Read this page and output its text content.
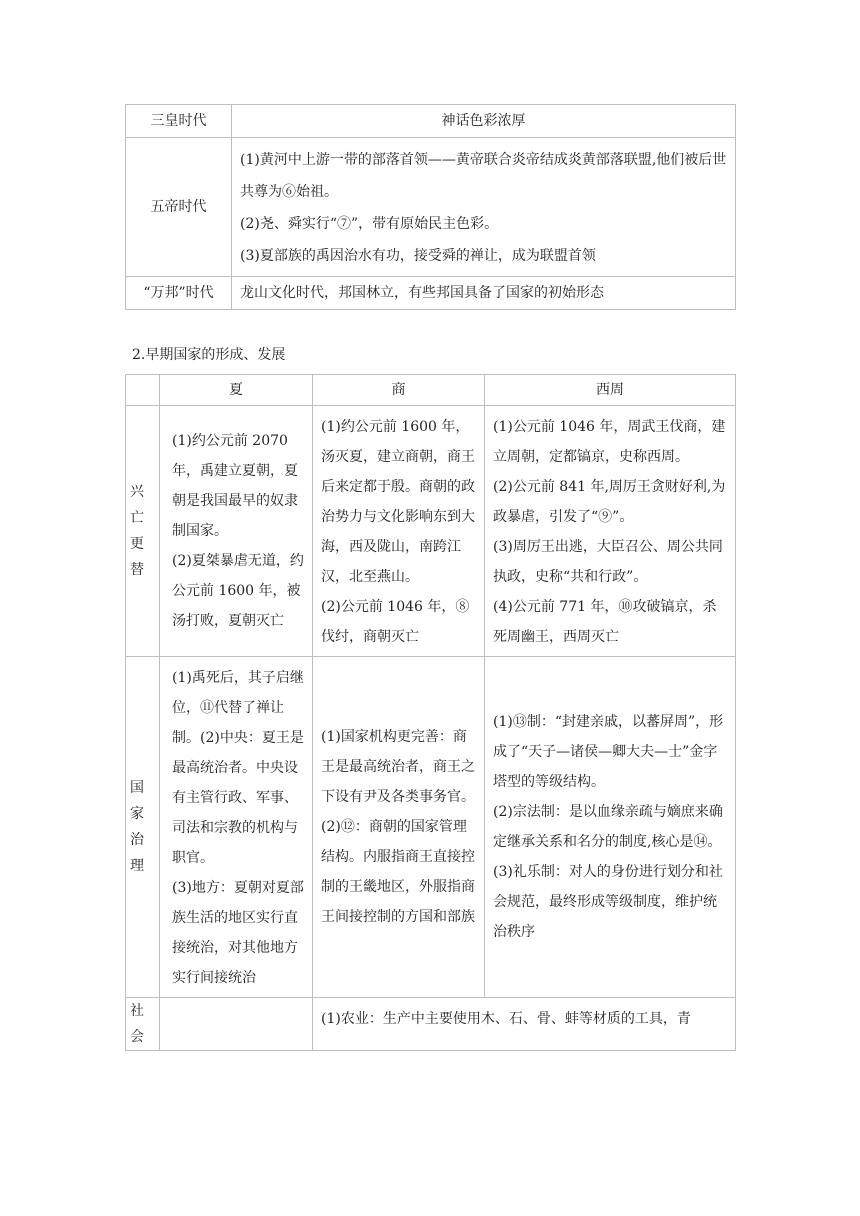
三皇时代	神话色彩浓厚
五帝时代	(1)黄河中上游一带的部落首领——黄帝联合炎帝结成炎黄部落联盟,他们被后世共尊为⑥始祖。
(2)尧、舜实行“⑦”，带有原始民主色彩。
(3)夏部族的禹因治水有功，接受舜的禅让，成为联盟首领

“万邦”时代	龙山文化时代，邦国林立，有些邦国具备了国家的初始形态
2.早期国家的形成、发展
	夏	商	西周
兴亡更替	(1)约公元前 2070 年，禹建立夏朝，夏朝是我国最早的奴隶制国家。
(2)夏桀暴虐无道，约公元前 1600 年，被汤打败，夏朝灭亡	(1)约公元前 1600 年，汤灭夏，建立商朝，商王后来定都于殷。商朝的政治势力与文化影响东到大海，西及陇山，南跨江汉，北至燕山。
(2)公元前 1046 年，⑧伐纣，商朝灭亡	(1)公元前 1046 年，周武王伐商，建立周朝，定都镐京，史称西周。
(2)公元前 841 年,周厉王贪财好利,为政暴虐，引发了“⑨”。
(3)周厉王出逃，大臣召公、周公共同执政，史称“共和行政”。
(4)公元前 771 年，⑩攻破镐京，杀死周幽王，西周灭亡

国家治理	(1)禹死后，其子启继位，⑪代替了禅让制。(2)中央：夏王是最高统治者。中央设有主管行政、军事、司法和宗教的机构与职官。
(3)地方：夏朝对夏部族生活的地区实行直接统治，对其他地方实行间接统治	(1)国家机构更完善：商王是最高统治者，商王之下设有尹及各类事务官。
(2)⑫：商朝的国家管理结构。内服指商王直接控制的王畿地区，外服指商王间接控制的方国和部族	(1)⑬制：“封建亲戚，以蕃屏周”，形成了“天子—诸侯—卿大夫—士”金字塔型的等级结构。
(2)宗法制：是以血缘亲疏与嫡庶来确定继承关系和名分的制度,核心是⑭。
(3)礼乐制：对人的身份进行划分和社会规范，最终形成等级制度，维护统治秩序

社会		(1)农业：生产中主要使用木、石、骨、蚌等材质的工具，青	
